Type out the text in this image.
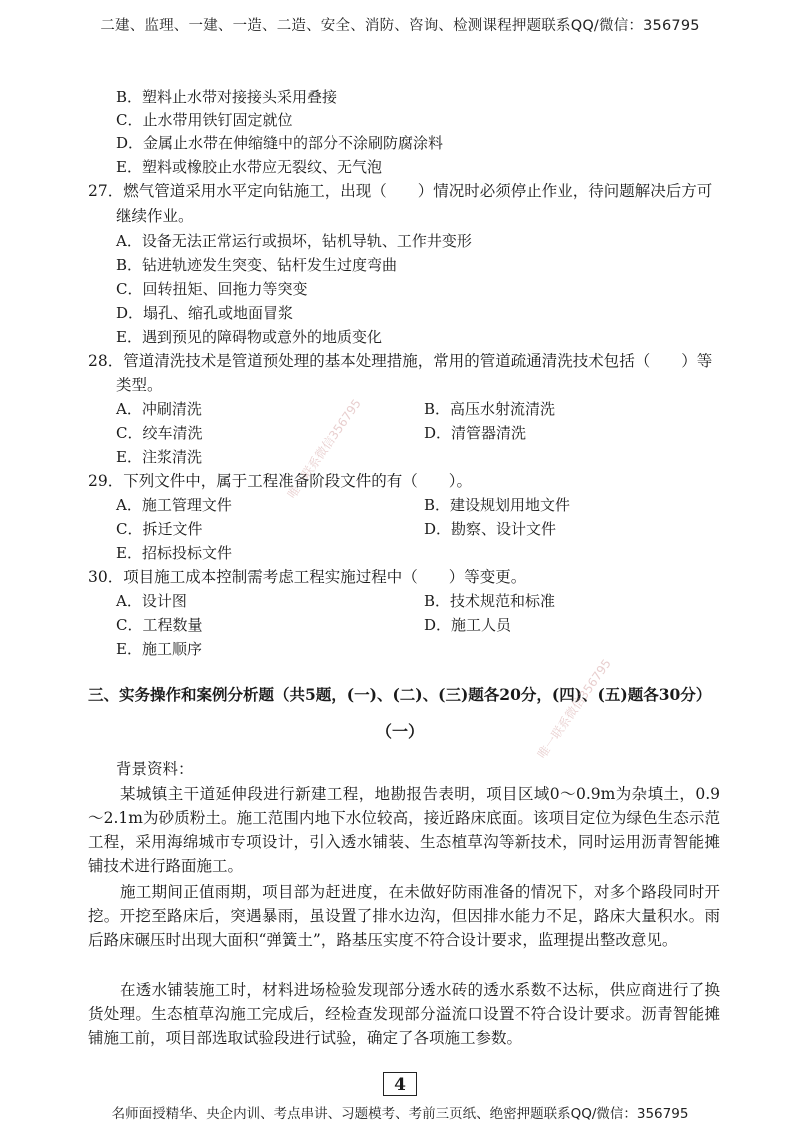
二建、监理、一建、一造、二造、安全、消防、咨询、检测课程押题联系QQ/微信：356795
B．塑料止水带对接接头采用叠接
C．止水带用铁钉固定就位
D．金属止水带在伸缩缝中的部分不涂刷防腐涂料
E．塑料或橡胶止水带应无裂纹、无气泡
27．燃气管道采用水平定向钻施工，出现（　　）情况时必须停止作业，待问题解决后方可
继续作业。
A．设备无法正常运行或损坏，钻机导轨、工作井变形
B．钻进轨迹发生突变、钻杆发生过度弯曲
C．回转扭矩、回拖力等突变
D．塌孔、缩孔或地面冒浆
E．遇到预见的障碍物或意外的地质变化
28．管道清洗技术是管道预处理的基本处理措施，常用的管道疏通清洗技术包括（　　）等
类型。
A．冲刷清洗	B．高压水射流清洗
C．绞车清洗	D．清管器清洗
E．注浆清洗
29．下列文件中，属于工程准备阶段文件的有（　　）。
A．施工管理文件	B．建设规划用地文件
C．拆迁文件	D．勘察、设计文件
E．招标投标文件
30．项目施工成本控制需考虑工程实施过程中（　　）等变更。
A．设计图	B．技术规范和标准
C．工程数量	D．施工人员
E．施工顺序
三、实务操作和案例分析题（共5题，(一)、(二)、(三)题各20分，(四)、(五)题各30分）
（一）
背景资料：
某城镇主干道延伸段进行新建工程，地勘报告表明，项目区域0～0.9m为杂填土，0.9～2.1m为砂质粉土。施工范围内地下水位较高，接近路床底面。该项目定位为绿色生态示范工程，采用海绵城市专项设计，引入透水铺装、生态植草沟等新技术，同时运用沥青智能摊铺技术进行路面施工。
施工期间正值雨期，项目部为赶进度，在未做好防雨准备的情况下，对多个路段同时开挖。开挖至路床后，突遇暴雨，虽设置了排水边沟，但因排水能力不足，路床大量积水。雨后路床碾压时出现大面积“弹簧土”，路基压实度不符合设计要求，监理提出整改意见。
在透水铺装施工时，材料进场检验发现部分透水砖的透水系数不达标，供应商进行了换货处理。生态植草沟施工完成后，经检查发现部分溢流口设置不符合设计要求。沥青智能摊铺施工前，项目部选取试验段进行试验，确定了各项施工参数。
唯一联系微信356795
唯一联系微信356795
4
名师面授精华、央企内训、考点串讲、习题模考、考前三页纸、绝密押题联系QQ/微信：356795
